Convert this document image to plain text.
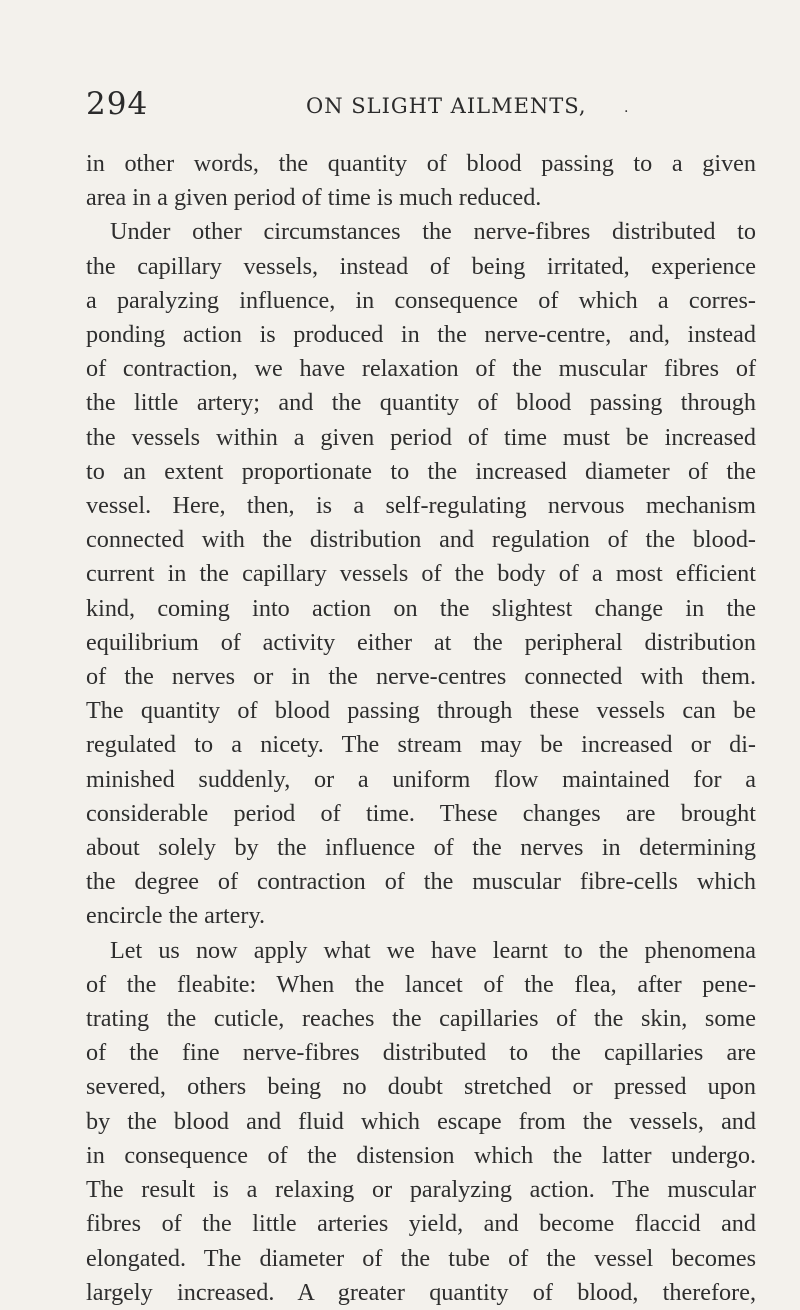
294	ON SLIGHT AILMENTS,	.

in other words, the quantity of blood passing to a given

area in a given period of time is much reduced.

Under other circumstances the nerve-fibres distributed to

the capillary vessels, instead of being irritated, experience

a paralyzing influence, in consequence of which a corres-

ponding action is produced in the nerve-centre, and, instead

of contraction, we have relaxation of the muscular fibres of

the little artery; and the quantity of blood passing through

the vessels within a given period of time must be increased

to an extent proportionate to the increased diameter of the

vessel. Here, then, is a self-regulating nervous mechanism

connected with the distribution and regulation of the blood-

current in the capillary vessels of the body of a most efficient

kind, coming into action on the slightest change in the

equilibrium of activity either at the peripheral distribution

of the nerves or in the nerve-centres connected with them.

The quantity of blood passing through these vessels can be

regulated to a nicety. The stream may be increased or di-

minished suddenly, or a uniform flow maintained for a

considerable period of time. These changes are brought

about solely by the influence of the nerves in determining

the degree of contraction of the muscular fibre-cells which

encircle the artery.

Let us now apply what we have learnt to the phenomena

of the fleabite: When the lancet of the flea, after pene-

trating the cuticle, reaches the capillaries of the skin, some

of the fine nerve-fibres distributed to the capillaries are

severed, others being no doubt stretched or pressed upon

by the blood and fluid which escape from the vessels, and

in consequence of the distension which the latter undergo.

The result is a relaxing or paralyzing action. The muscular

fibres of the little arteries yield, and become flaccid and

elongated. The diameter of the tube of the vessel becomes

largely increased. A greater quantity of blood, therefore,
